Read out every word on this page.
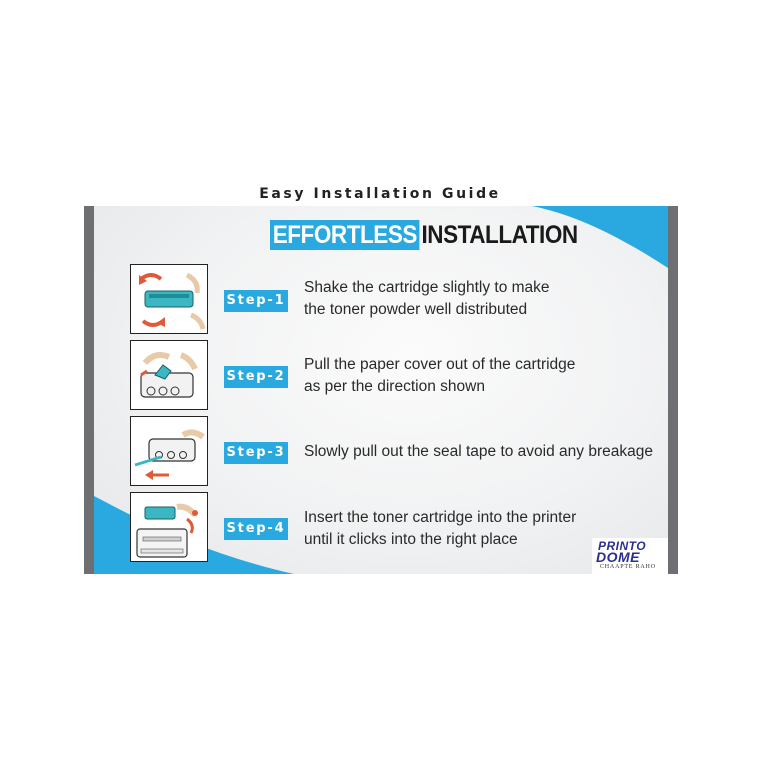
Easy Installation Guide
EFFORTLESS INSTALLATION
Step-1
Shake the cartridge slightly to make
the toner powder well distributed
Step-2
Pull the paper cover out of the cartridge
as per the direction shown
Step-3 Slowly pull out the seal tape to avoid any breakage
Step-4
Insert the toner cartridge into the printer
until it clicks into the right place	PRINTO
DOME
CHAAPTE RAHO
